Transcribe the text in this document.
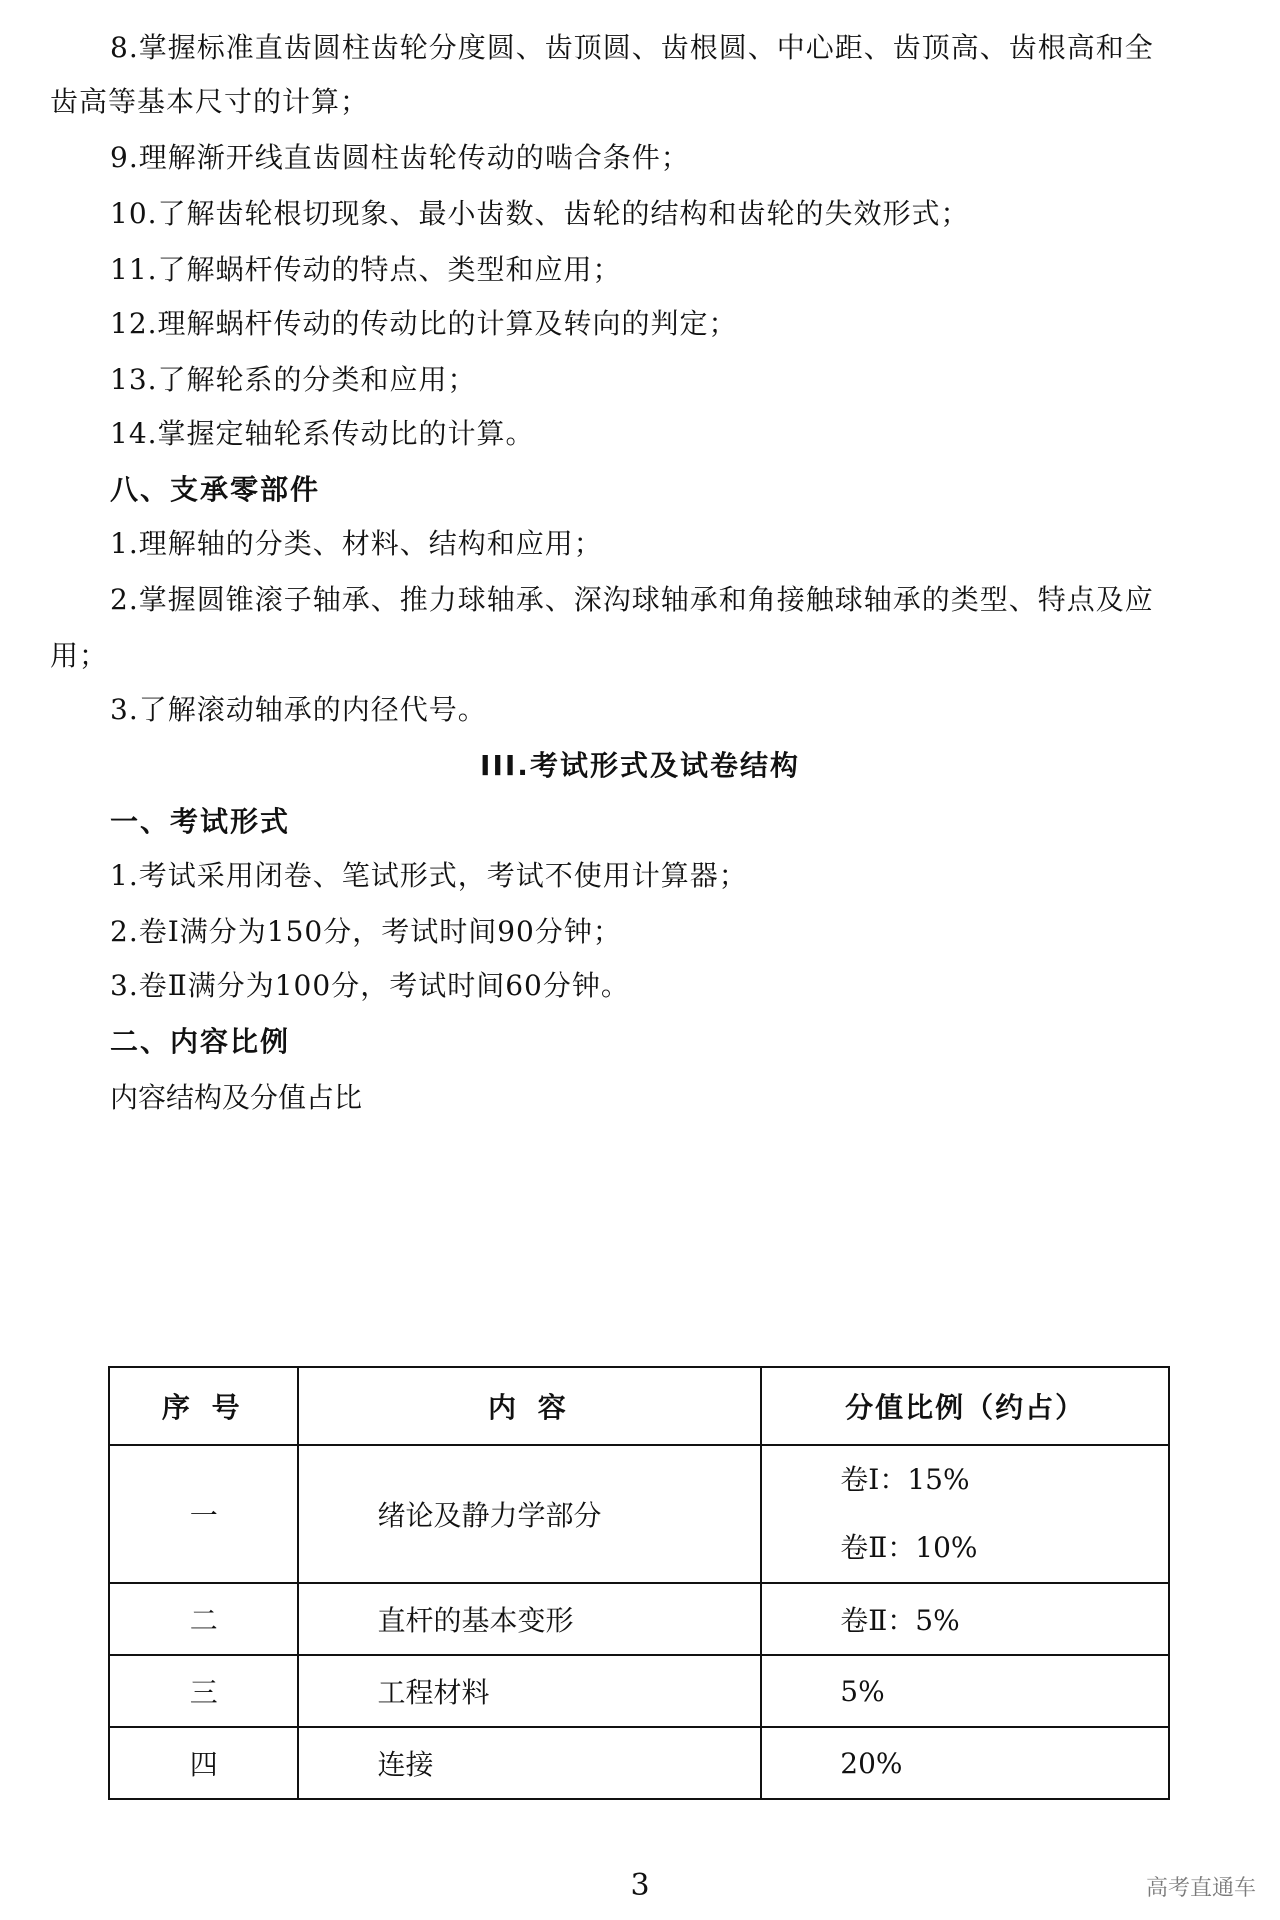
8.掌握标准直齿圆柱齿轮分度圆、齿顶圆、齿根圆、中心距、齿顶高、齿根高和全
齿高等基本尺寸的计算；
9.理解渐开线直齿圆柱齿轮传动的啮合条件；
10.了解齿轮根切现象、最小齿数、齿轮的结构和齿轮的失效形式；
11.了解蜗杆传动的特点、类型和应用；
12.理解蜗杆传动的传动比的计算及转向的判定；
13.了解轮系的分类和应用；
14.掌握定轴轮系传动比的计算。
八、支承零部件
1.理解轴的分类、材料、结构和应用；
2.掌握圆锥滚子轴承、推力球轴承、深沟球轴承和角接触球轴承的类型、特点及应
用；
3.了解滚动轴承的内径代号。
III.考试形式及试卷结构
一、考试形式
1.考试采用闭卷、笔试形式，考试不使用计算器；
2.卷Ⅰ满分为150分，考试时间90分钟；
3.卷Ⅱ满分为100分，考试时间60分钟。
二、内容比例
内容结构及分值占比
序 号	内 容	分值比例（约占）
一	绪论及静力学部分	卷Ⅰ：15%
卷Ⅱ：10%

二	直杆的基本变形	卷Ⅱ：5%
三	工程材料	5%
四	连接	20%
3	高考直通车
